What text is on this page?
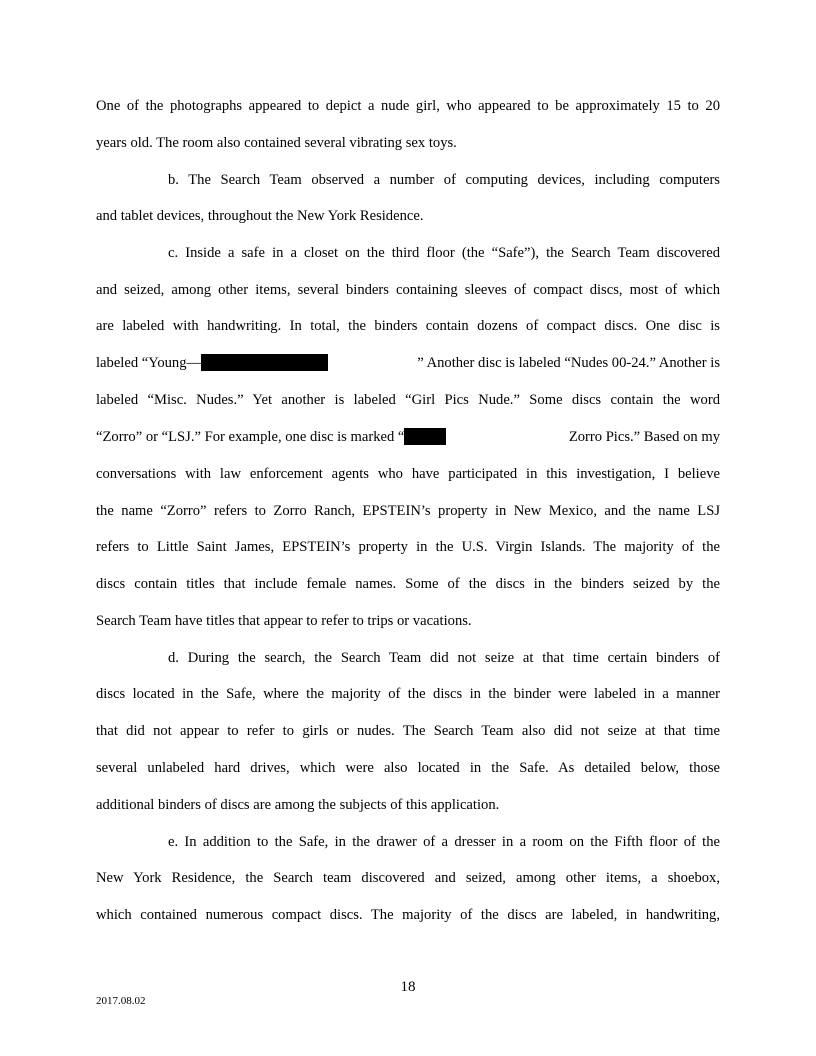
One of the photographs appeared to depict a nude girl, who appeared to be approximately 15 to 20
years old. The room also contained several vibrating sex toys.
b. The Search Team observed a number of computing devices, including computers
and tablet devices, throughout the New York Residence.
c. Inside a safe in a closet on the third floor (the “Safe”), the Search Team discovered
and seized, among other items, several binders containing sleeves of compact discs, most of which
are labeled with handwriting. In total, the binders contain dozens of compact discs. One disc is
labeled “Young—	” Another disc is labeled “Nudes 00-24.” Another is
labeled “Misc. Nudes.” Yet another is labeled “Girl Pics Nude.” Some discs contain the word
“Zorro” or “LSJ.” For example, one disc is marked “	Zorro Pics.” Based on my
conversations with law enforcement agents who have participated in this investigation, I believe
the name “Zorro” refers to Zorro Ranch, EPSTEIN’s property in New Mexico, and the name LSJ
refers to Little Saint James, EPSTEIN’s property in the U.S. Virgin Islands. The majority of the
discs contain titles that include female names. Some of the discs in the binders seized by the
Search Team have titles that appear to refer to trips or vacations.
d. During the search, the Search Team did not seize at that time certain binders of
discs located in the Safe, where the majority of the discs in the binder were labeled in a manner
that did not appear to refer to girls or nudes. The Search Team also did not seize at that time
several unlabeled hard drives, which were also located in the Safe. As detailed below, those
additional binders of discs are among the subjects of this application.
e. In addition to the Safe, in the drawer of a dresser in a room on the Fifth floor of the
New York Residence, the Search team discovered and seized, among other items, a shoebox,
which contained numerous compact discs. The majority of the discs are labeled, in handwriting,
18
2017.08.02
